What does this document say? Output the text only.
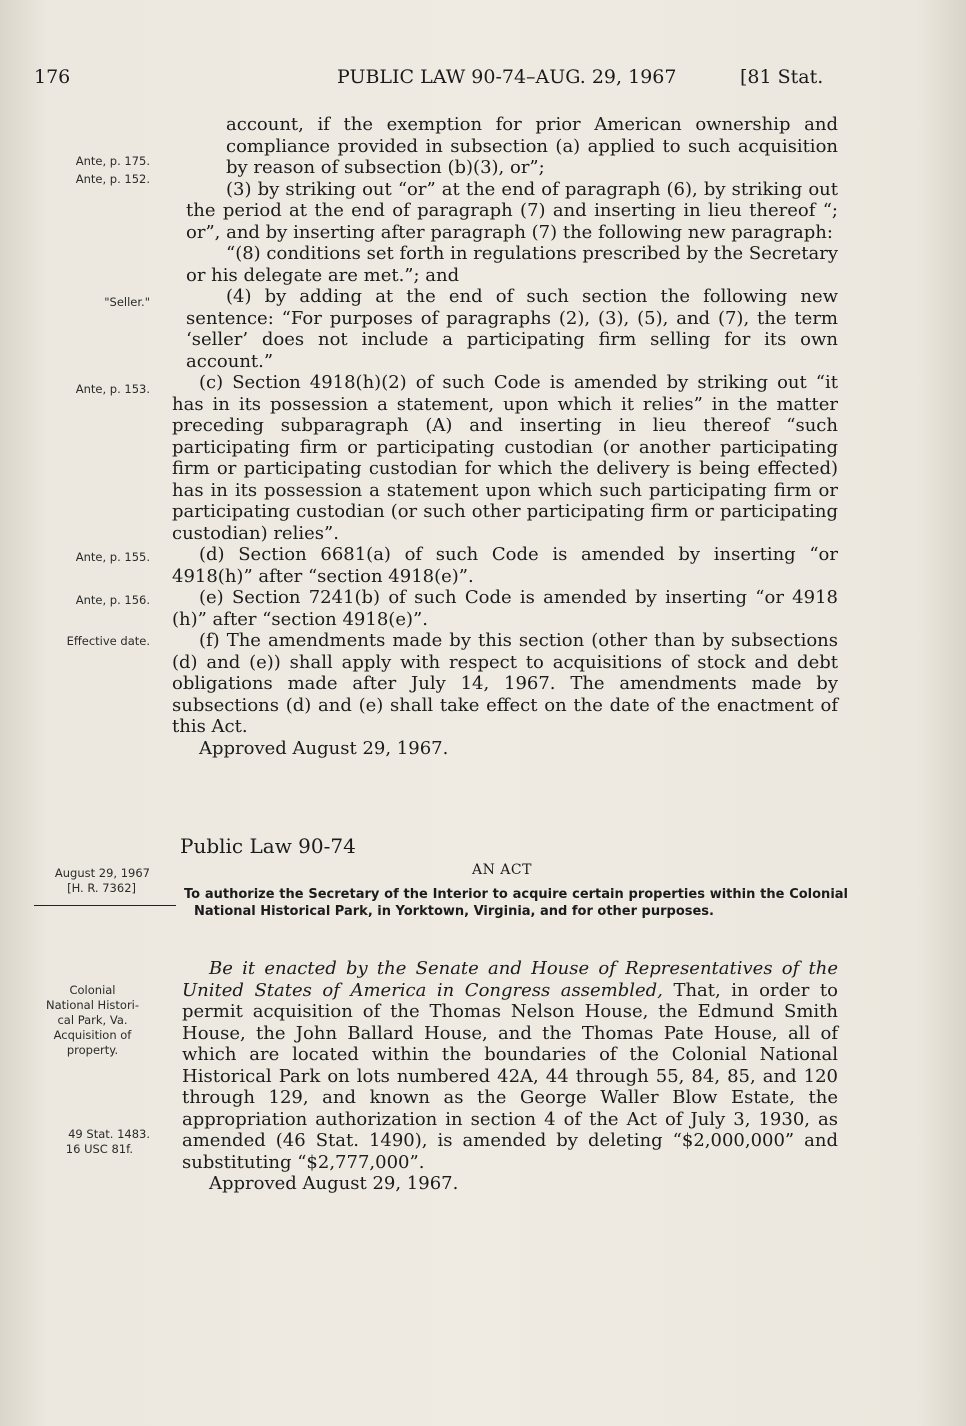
176	PUBLIC LAW 90-74–AUG. 29, 1967	[81 Stat.
Ante, p. 175.
Ante, p. 152.
"Seller."
Ante, p. 153.
Ante, p. 155.
Ante, p. 156.
Effective date.
August 29, 1967
[H. R. 7362]
Colonial
National Histori-
cal Park, Va.
Acquisition of
property.
49 Stat. 1483.
16 USC 81f.

account, if the exemption for prior American ownership and compliance provided in subsection (a) applied to such acquisition by reason of subsection (b)(3), or”;

(3) by striking out “or” at the end of paragraph (6), by striking out the period at the end of paragraph (7) and inserting in lieu thereof “; or”, and by inserting after paragraph (7) the following new paragraph:

“(8) conditions set forth in regulations prescribed by the Secretary or his delegate are met.”; and

(4) by adding at the end of such section the following new sentence: “For purposes of paragraphs (2), (3), (5), and (7), the term ‘seller’ does not include a participating firm selling for its own account.”

(c) Section 4918(h)(2) of such Code is amended by striking out “it has in its possession a statement, upon which it relies” in the matter preceding subparagraph (A) and inserting in lieu thereof “such participating firm or participating custodian (or another participating firm or participating custodian for which the delivery is being effected) has in its possession a statement upon which such participating firm or participating custodian (or such other participating firm or participating custodian) relies”.

(d) Section 6681(a) of such Code is amended by inserting “or 4918(h)” after “section 4918(e)”.

(e) Section 7241(b) of such Code is amended by inserting “or 4918 (h)” after “section 4918(e)”.

(f) The amendments made by this section (other than by subsections (d) and (e)) shall apply with respect to acquisitions of stock and debt obligations made after July 14, 1967. The amendments made by subsections (d) and (e) shall take effect on the date of the enactment of this Act.

Approved August 29, 1967.

Public Law 90-74
AN ACT
To authorize the Secretary of the Interior to acquire certain properties within the Colonial National Historical Park, in Yorktown, Virginia, and for other purposes.

Be it enacted by the Senate and House of Representatives of the United States of America in Congress assembled, That, in order to permit acquisition of the Thomas Nelson House, the Edmund Smith House, the John Ballard House, and the Thomas Pate House, all of which are located within the boundaries of the Colonial National Historical Park on lots numbered 42A, 44 through 55, 84, 85, and 120 through 129, and known as the George Waller Blow Estate, the appropriation authorization in section 4 of the Act of July 3, 1930, as amended (46 Stat. 1490), is amended by deleting “$2,000,000” and substituting “$2,777,000”.

Approved August 29, 1967.
